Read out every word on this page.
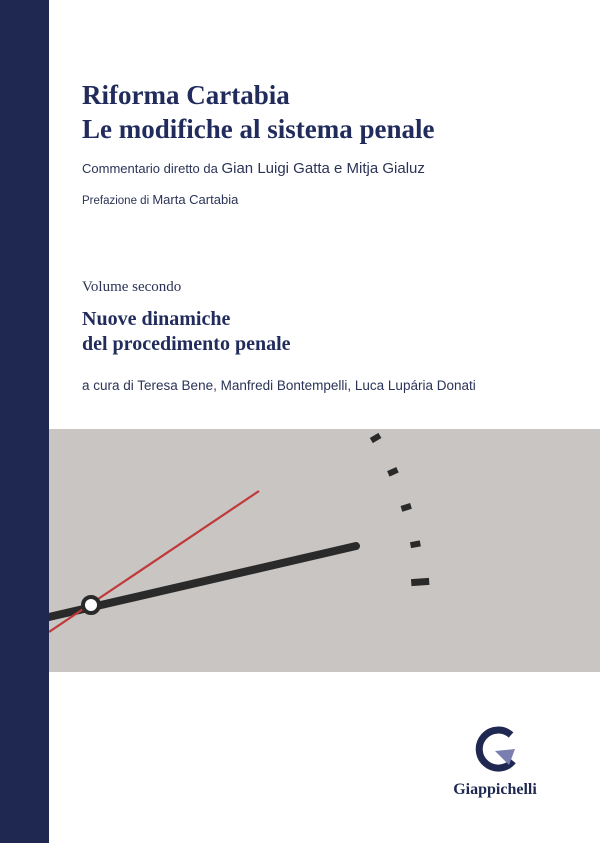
Riforma Cartabia
Le modifiche al sistema penale
Commentario diretto da Gian Luigi Gatta e Mitja Gialuz
Prefazione di Marta Cartabia
Volume secondo
Nuove dinamiche
del procedimento penale
a cura di Teresa Bene, Manfredi Bontempelli, Luca Lupária Donati
Giappichelli
